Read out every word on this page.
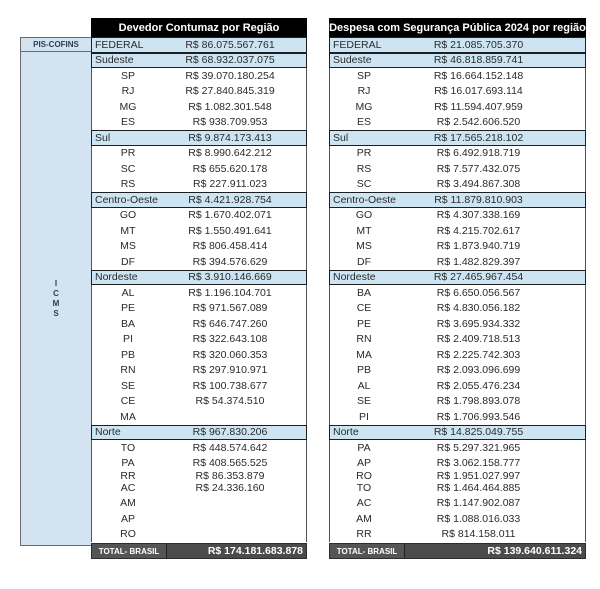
PIS-COFINS
I
C
M
S
Devedor Contumaz por Região
FEDERAL	R$ 86.075.567.761
Sudeste	R$ 68.932.037.075
SP	R$ 39.070.180.254
RJ	R$ 27.840.845.319
MG	R$ 1.082.301.548
ES	R$ 938.709.953
Sul	R$ 9.874.173.413
PR	R$ 8.990.642.212
SC	R$ 655.620.178
RS	R$ 227.911.023
Centro-Oeste	R$ 4.421.928.754
GO	R$ 1.670.402.071
MT	R$ 1.550.491.641
MS	R$ 806.458.414
DF	R$ 394.576.629
Nordeste	R$ 3.910.146.669
AL	R$ 1.196.104.701
PE	R$ 971.567.089
BA	R$ 646.747.260
PI	R$ 322.643.108
PB	R$ 320.060.353
RN	R$ 297.910.971
SE	R$ 100.738.677
CE	R$ 54.374.510
MA
Norte	R$ 967.830.206
TO	R$ 448.574.642
PA	R$ 408.565.525
RR	R$ 86.353.879
AC	R$ 24.336.160
AM
AP
RO
TOTAL- BRASIL	R$ 174.181.683.878
Despesa com Segurança Pública 2024 por região
FEDERAL	R$ 21.085.705.370
Sudeste	R$ 46.818.859.741
SP	R$ 16.664.152.148
RJ	R$ 16.017.693.114
MG	R$ 11.594.407.959
ES	R$ 2.542.606.520
Sul	R$ 17.565.218.102
PR	R$ 6.492.918.719
RS	R$ 7.577.432.075
SC	R$ 3.494.867.308
Centro-Oeste	R$ 11.879.810.903
GO	R$ 4.307.338.169
MT	R$ 4.215.702.617
MS	R$ 1.873.940.719
DF	R$ 1.482.829.397
Nordeste	R$ 27.465.967.454
BA	R$ 6.650.056.567
CE	R$ 4.830.056.182
PE	R$ 3.695.934.332
RN	R$ 2.409.718.513
MA	R$ 2.225.742.303
PB	R$ 2.093.096.699
AL	R$ 2.055.476.234
SE	R$ 1.798.893.078
PI	R$ 1.706.993.546
Norte	R$ 14.825.049.755
PA	R$ 5.297.321.965
AP	R$ 3.062.158.777
RO	R$ 1.951.027.997
TO	R$ 1.464.464.885
AC	R$ 1.147.902.087
AM	R$ 1.088.016.033
RR	R$ 814.158.011
TOTAL- BRASIL	R$ 139.640.611.324
